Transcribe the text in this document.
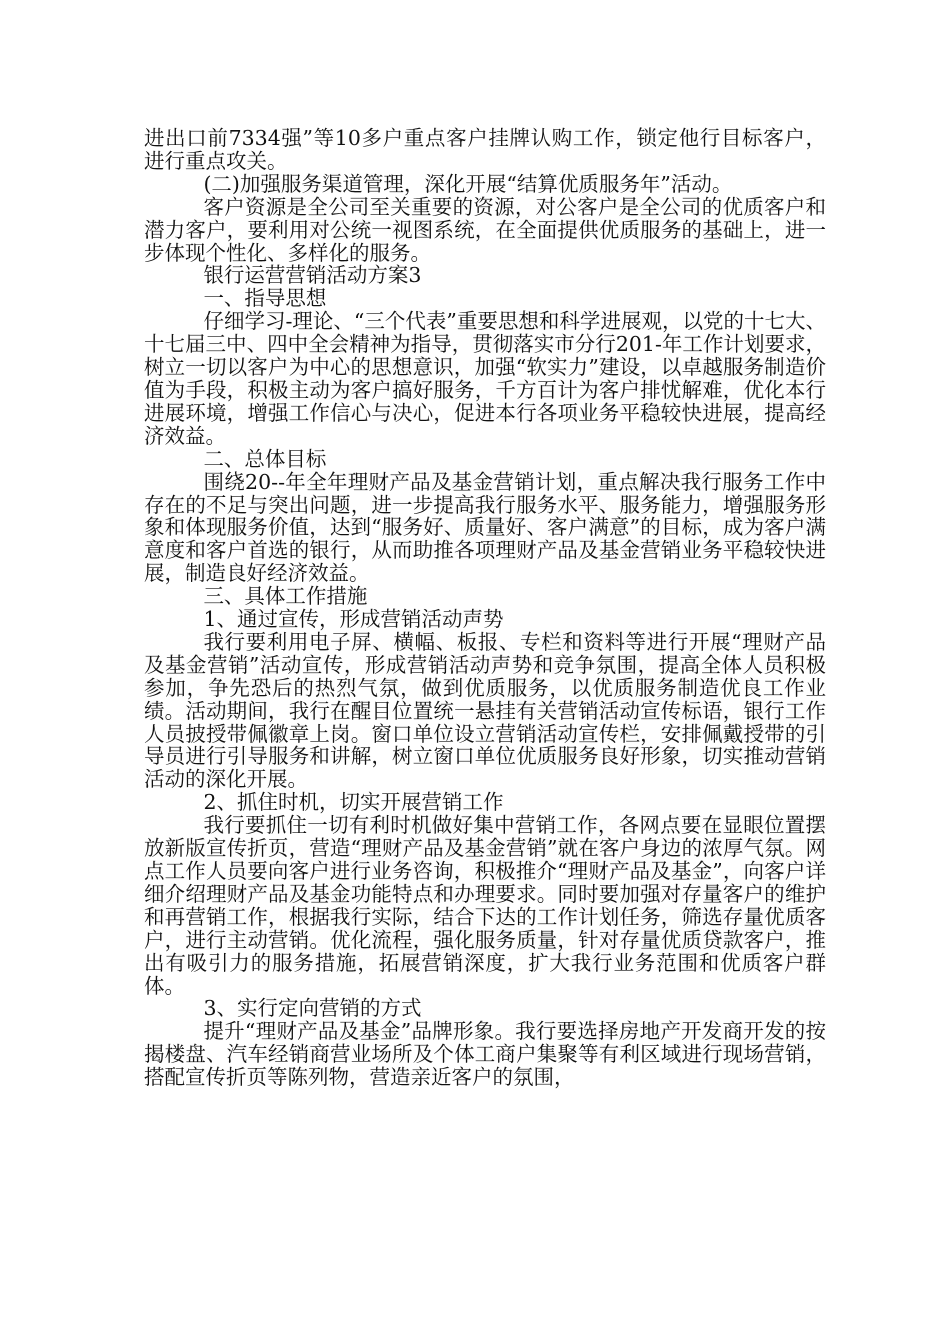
进出口前7334强”等10多户重点客户挂牌认购工作，锁定他行目标客户，进行重点攻关。

(二)加强服务渠道管理，深化开展“结算优质服务年”活动。

客户资源是全公司至关重要的资源，对公客户是全公司的优质客户和潜力客户，要利用对公统一视图系统，在全面提供优质服务的基础上，进一步体现个性化、多样化的服务。

银行运营营销活动方案3

一、指导思想

仔细学习-理论、“三个代表”重要思想和科学进展观，以党的十七大、十七届三中、四中全会精神为指导，贯彻落实市分行201-年工作计划要求，树立一切以客户为中心的思想意识，加强“软实力”建设，以卓越服务制造价值为手段，积极主动为客户搞好服务，千方百计为客户排忧解难，优化本行进展环境，增强工作信心与决心，促进本行各项业务平稳较快进展，提高经济效益。

二、总体目标

围绕20--年全年理财产品及基金营销计划，重点解决我行服务工作中存在的不足与突出问题，进一步提高我行服务水平、服务能力，增强服务形象和体现服务价值，达到“服务好、质量好、客户满意”的目标，成为客户满意度和客户首选的银行，从而助推各项理财产品及基金营销业务平稳较快进展，制造良好经济效益。

三、具体工作措施

1、通过宣传，形成营销活动声势

我行要利用电子屏、横幅、板报、专栏和资料等进行开展“理财产品及基金营销”活动宣传，形成营销活动声势和竞争氛围，提高全体人员积极参加，争先恐后的热烈气氛，做到优质服务，以优质服务制造优良工作业绩。活动期间，我行在醒目位置统一悬挂有关营销活动宣传标语，银行工作人员披授带佩徽章上岗。窗口单位设立营销活动宣传栏，安排佩戴授带的引导员进行引导服务和讲解，树立窗口单位优质服务良好形象，切实推动营销活动的深化开展。

2、抓住时机，切实开展营销工作

我行要抓住一切有利时机做好集中营销工作，各网点要在显眼位置摆放新版宣传折页，营造“理财产品及基金营销”就在客户身边的浓厚气氛。网点工作人员要向客户进行业务咨询，积极推介“理财产品及基金”，向客户详细介绍理财产品及基金功能特点和办理要求。同时要加强对存量客户的维护和再营销工作，根据我行实际，结合下达的工作计划任务，筛选存量优质客户，进行主动营销。优化流程，强化服务质量，针对存量优质贷款客户，推出有吸引力的服务措施，拓展营销深度，扩大我行业务范围和优质客户群体。

3、实行定向营销的方式

提升“理财产品及基金”品牌形象。我行要选择房地产开发商开发的按揭楼盘、汽车经销商营业场所及个体工商户集聚等有利区域进行现场营销，搭配宣传折页等陈列物，营造亲近客户的氛围，
